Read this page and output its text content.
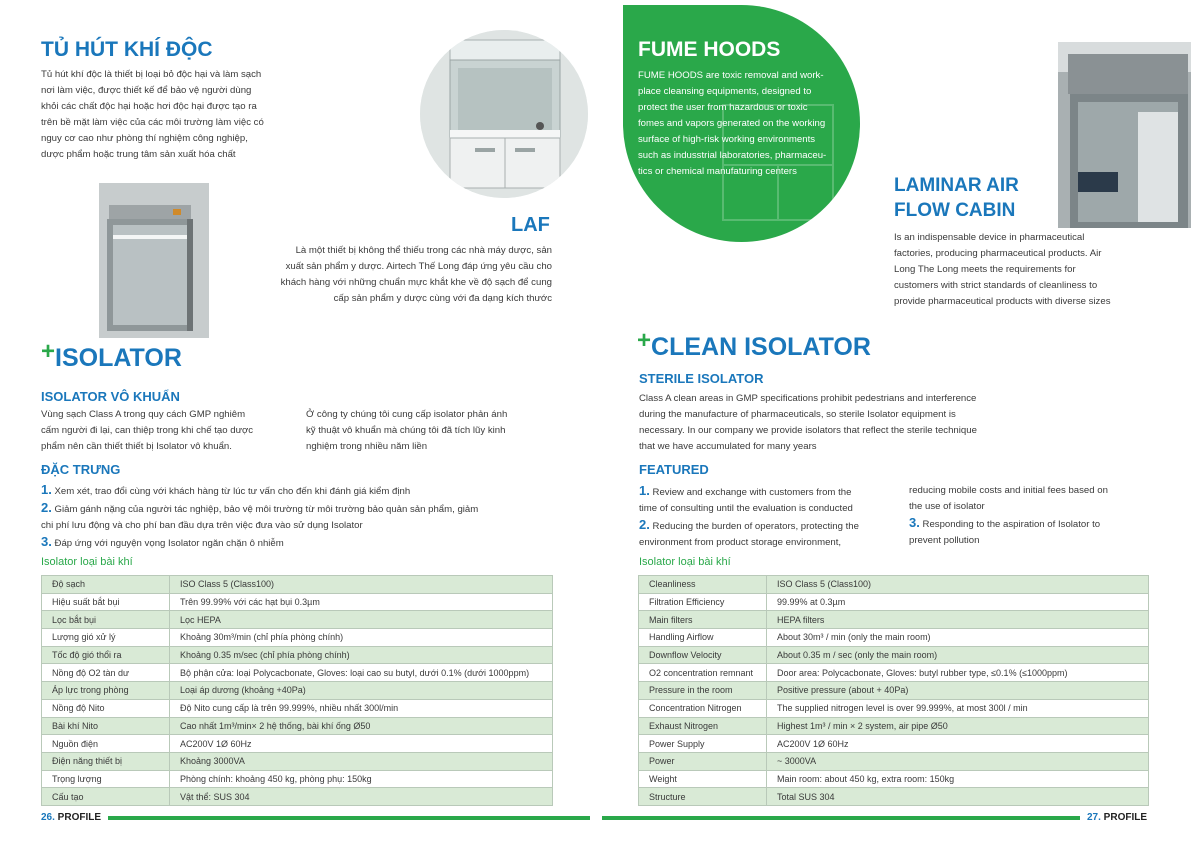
TỦ HÚT KHÍ ĐỘC
Tủ hút khí độc là thiết bị loại bỏ độc hại và làm sạch
nơi làm việc, được thiết kế để bảo vệ người dùng
khỏi các chất độc hại hoặc hơi độc hại được tạo ra
trên bề mặt làm việc của các môi trường làm việc có
nguy cơ cao như phòng thí nghiệm công nghiệp,
dược phẩm hoặc trung tâm sản xuất hóa chất
LAF
Là một thiết bị không thể thiếu trong các nhà máy dược, sản
xuất sản phẩm y dược. Airtech Thế Long đáp ứng yêu cầu cho
khách hàng với những chuẩn mực khắt khe về độ sạch để cung
cấp sản phẩm y dược cùng với đa dạng kích thước
+ISOLATOR
ISOLATOR VÔ KHUẨN
Vùng sạch Class A trong quy cách GMP nghiêm
cấm người đi lại, can thiệp trong khi chế tạo dược
phẩm nên cần thiết thiết bị Isolator vô khuẩn.
Ở công ty chúng tôi cung cấp isolator phản ánh
kỹ thuật vô khuẩn mà chúng tôi đã tích lũy kinh
nghiệm trong nhiều năm liền
ĐẶC TRƯNG
1. Xem xét, trao đổi cùng với khách hàng từ lúc tư vấn cho đến khi đánh giá kiểm định
2. Giảm gánh nặng của người tác nghiệp, bảo vệ môi trường từ môi trường bảo quản sản phẩm, giảm
chi phí lưu động và cho phí ban đầu dựa trên việc đưa vào sử dụng Isolator
3. Đáp ứng với nguyện vọng Isolator ngăn chặn ô nhiễm
Isolator loại bài khí
Độ sạch	ISO Class 5 (Class100)
Hiệu suất bắt bụi	Trên 99.99% với các hạt bụi 0.3µm
Lọc bắt bụi	Lọc HEPA
Lượng gió xử lý	Khoảng 30m³/min (chỉ phía phòng chính)
Tốc độ gió thổi ra	Khoảng 0.35 m/sec (chỉ phía phòng chính)
Nồng độ O2 tàn dư	Bộ phận cửa: loại Polycacbonate, Gloves: loại cao su butyl, dưới 0.1% (dưới 1000ppm)
Áp lực trong phòng	Loại áp dương (khoảng +40Pa)
Nồng độ Nito	Độ Nito cung cấp là trên 99.999%, nhiều nhất 300l/min
Bài khí Nito	Cao nhất 1m³/min× 2 hệ thống, bài khí ống Ø50
Nguồn điện	AC200V 1Ø 60Hz
Điện năng thiết bị	Khoảng 3000VA
Trọng lượng	Phòng chính: khoảng 450 kg, phòng phụ: 150kg
Cấu tạo	Vật thể: SUS 304
26. PROFILE
FUME HOODS
FUME HOODS are toxic removal and work-
place cleansing equipments, designed to
protect the user from hazardous or toxic
fomes and vapors generated on the working
surface of high-risk working environments
such as indusstrial laboratories, pharmaceu-
tics or chemical manufaturing centers
LAMINAR AIR
FLOW CABIN
Is an indispensable device in pharmaceutical
factories, producing pharmaceutical products. Air
Long The Long meets the requirements for
customers with strict standards of cleanliness to
provide pharmaceutical products with diverse sizes
+CLEAN ISOLATOR
STERILE ISOLATOR
Class A clean areas in GMP specifications prohibit pedestrians and interference
during the manufacture of pharmaceuticals, so sterile Isolator equipment is
necessary. In our company we provide isolators that reflect the sterile technique
that we have accumulated for many years
FEATURED
1. Review and exchange with customers from the
time of consulting until the evaluation is conducted
2. Reducing the burden of operators, protecting the
environment from product storage environment,
reducing mobile costs and initial fees based on
the use of isolator
3. Responding to the aspiration of Isolator to
prevent pollution
Isolator loại bài khí
Cleanliness	ISO Class 5 (Class100)
Filtration Efficiency	99.99% at 0.3µm
Main filters	HEPA filters
Handling Airflow	About 30m³ / min (only the main room)
Downflow Velocity	About 0.35 m / sec (only the main room)
O2 concentration remnant	Door area: Polycacbonate, Gloves: butyl rubber type, ≤0.1% (≤1000ppm)
Pressure in the room	Positive pressure (about + 40Pa)
Concentration Nitrogen	The supplied nitrogen level is over 99.999%, at most 300l / min
Exhaust Nitrogen	Highest 1m³ / min × 2 system, air pipe Ø50
Power Supply	AC200V 1Ø 60Hz
Power	~ 3000VA
Weight	Main room: about 450 kg, extra room: 150kg
Structure	Total SUS 304
27. PROFILE
